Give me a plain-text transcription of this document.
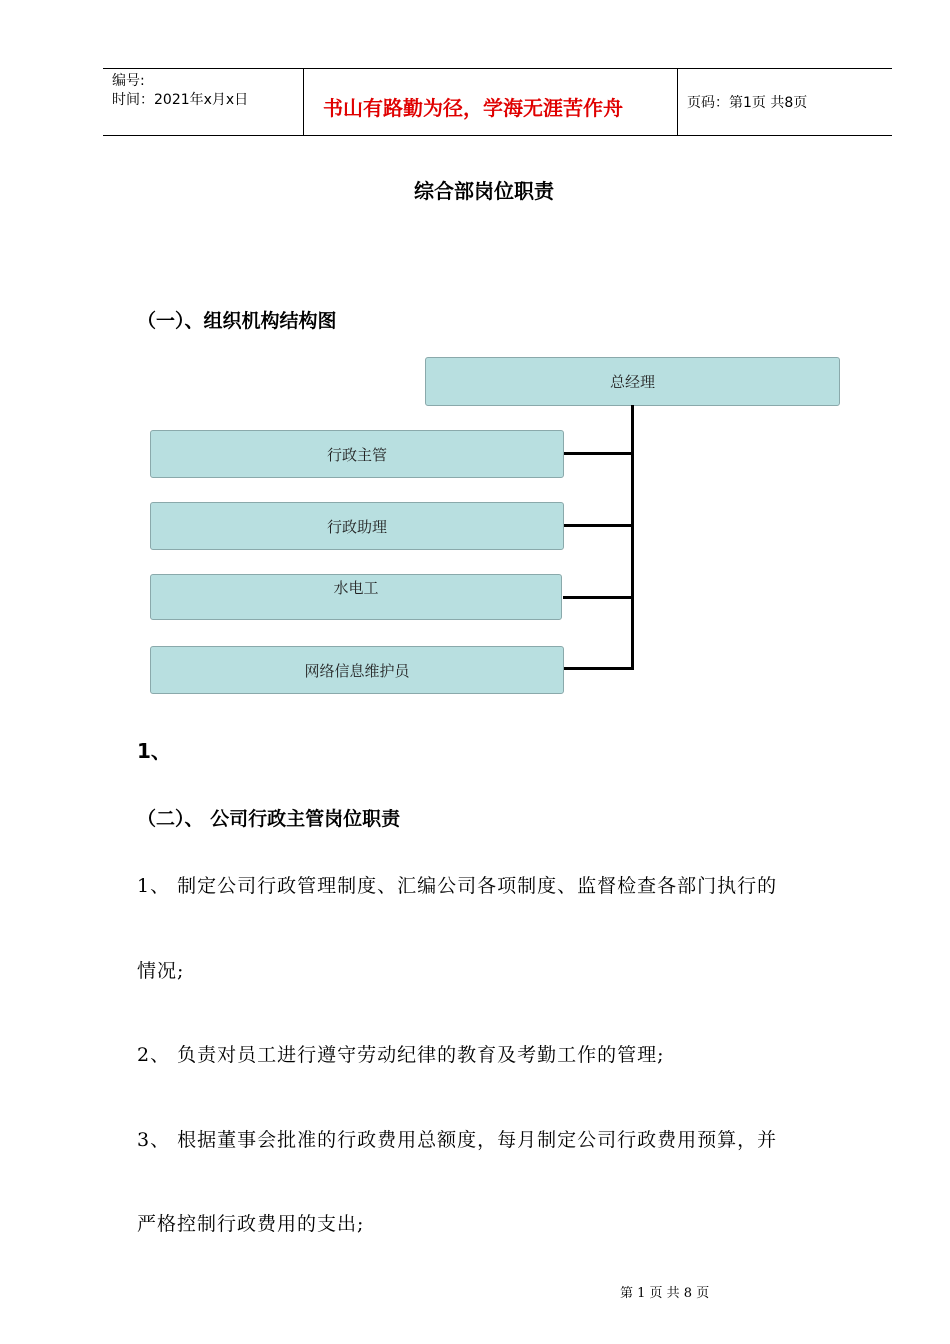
编号:
时间：2021年x月x日	书山有路勤为径，学海无涯苦作舟	页码：第1页 共8页
综合部岗位职责
（一）、组织机构结构图
总经理
行政主管
行政助理
水电工
网络信息维护员
1、
（二）、 公司行政主管岗位职责
1、 制定公司行政管理制度、汇编公司各项制度、监督检查各部门执行的
情况;
2、 负责对员工进行遵守劳动纪律的教育及考勤工作的管理;
3、 根据董事会批准的行政费用总额度，每月制定公司行政费用预算，并
严格控制行政费用的支出;
第 1 页 共 8 页
